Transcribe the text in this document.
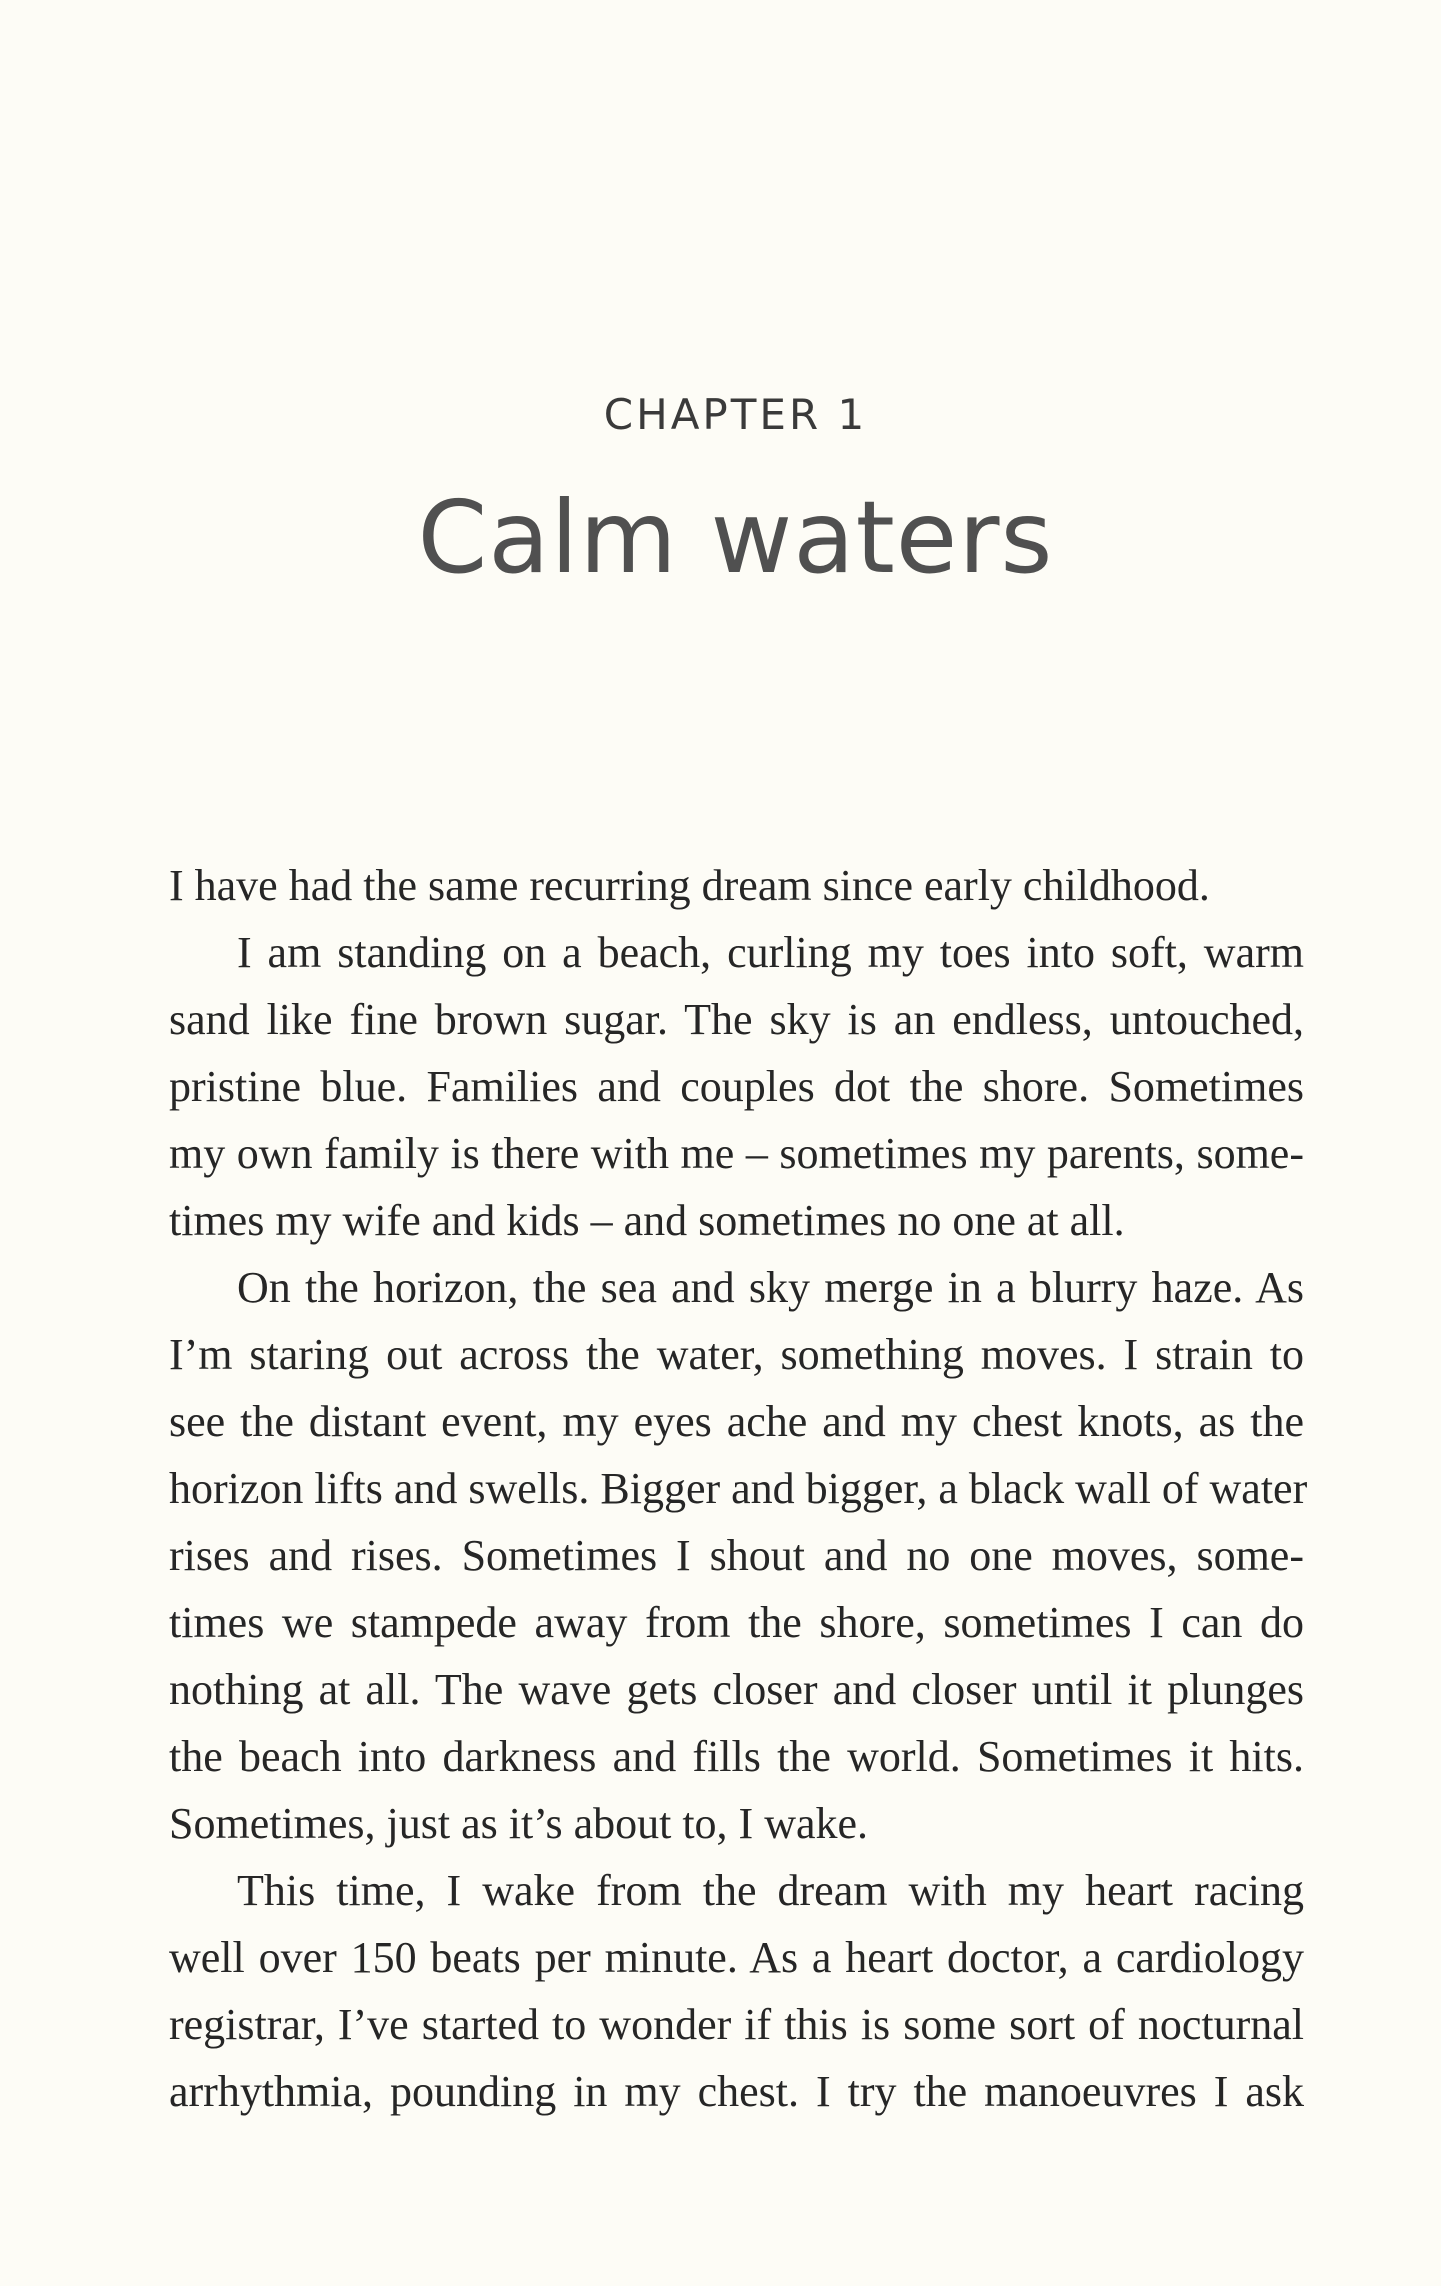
CHAPTER 1
Calm waters
I have had the same recurring dream since early childhood.
I am standing on a beach, curling my toes into soft, warm
sand like fine brown sugar. The sky is an endless, untouched,
pristine blue. Families and couples dot the shore. Sometimes
my own family is there with me – sometimes my parents, some-
times my wife and kids – and sometimes no one at all.
On the horizon, the sea and sky merge in a blurry haze. As
I’m staring out across the water, something moves. I strain to
see the distant event, my eyes ache and my chest knots, as the
horizon lifts and swells. Bigger and bigger, a black wall of water
rises and rises. Sometimes I shout and no one moves, some-
times we stampede away from the shore, sometimes I can do
nothing at all. The wave gets closer and closer until it plunges
the beach into darkness and fills the world. Sometimes it hits.
Sometimes, just as it’s about to, I wake.
This time, I wake from the dream with my heart racing
well over 150 beats per minute. As a heart doctor, a cardiology
registrar, I’ve started to wonder if this is some sort of nocturnal
arrhythmia, pounding in my chest. I try the manoeuvres I ask
